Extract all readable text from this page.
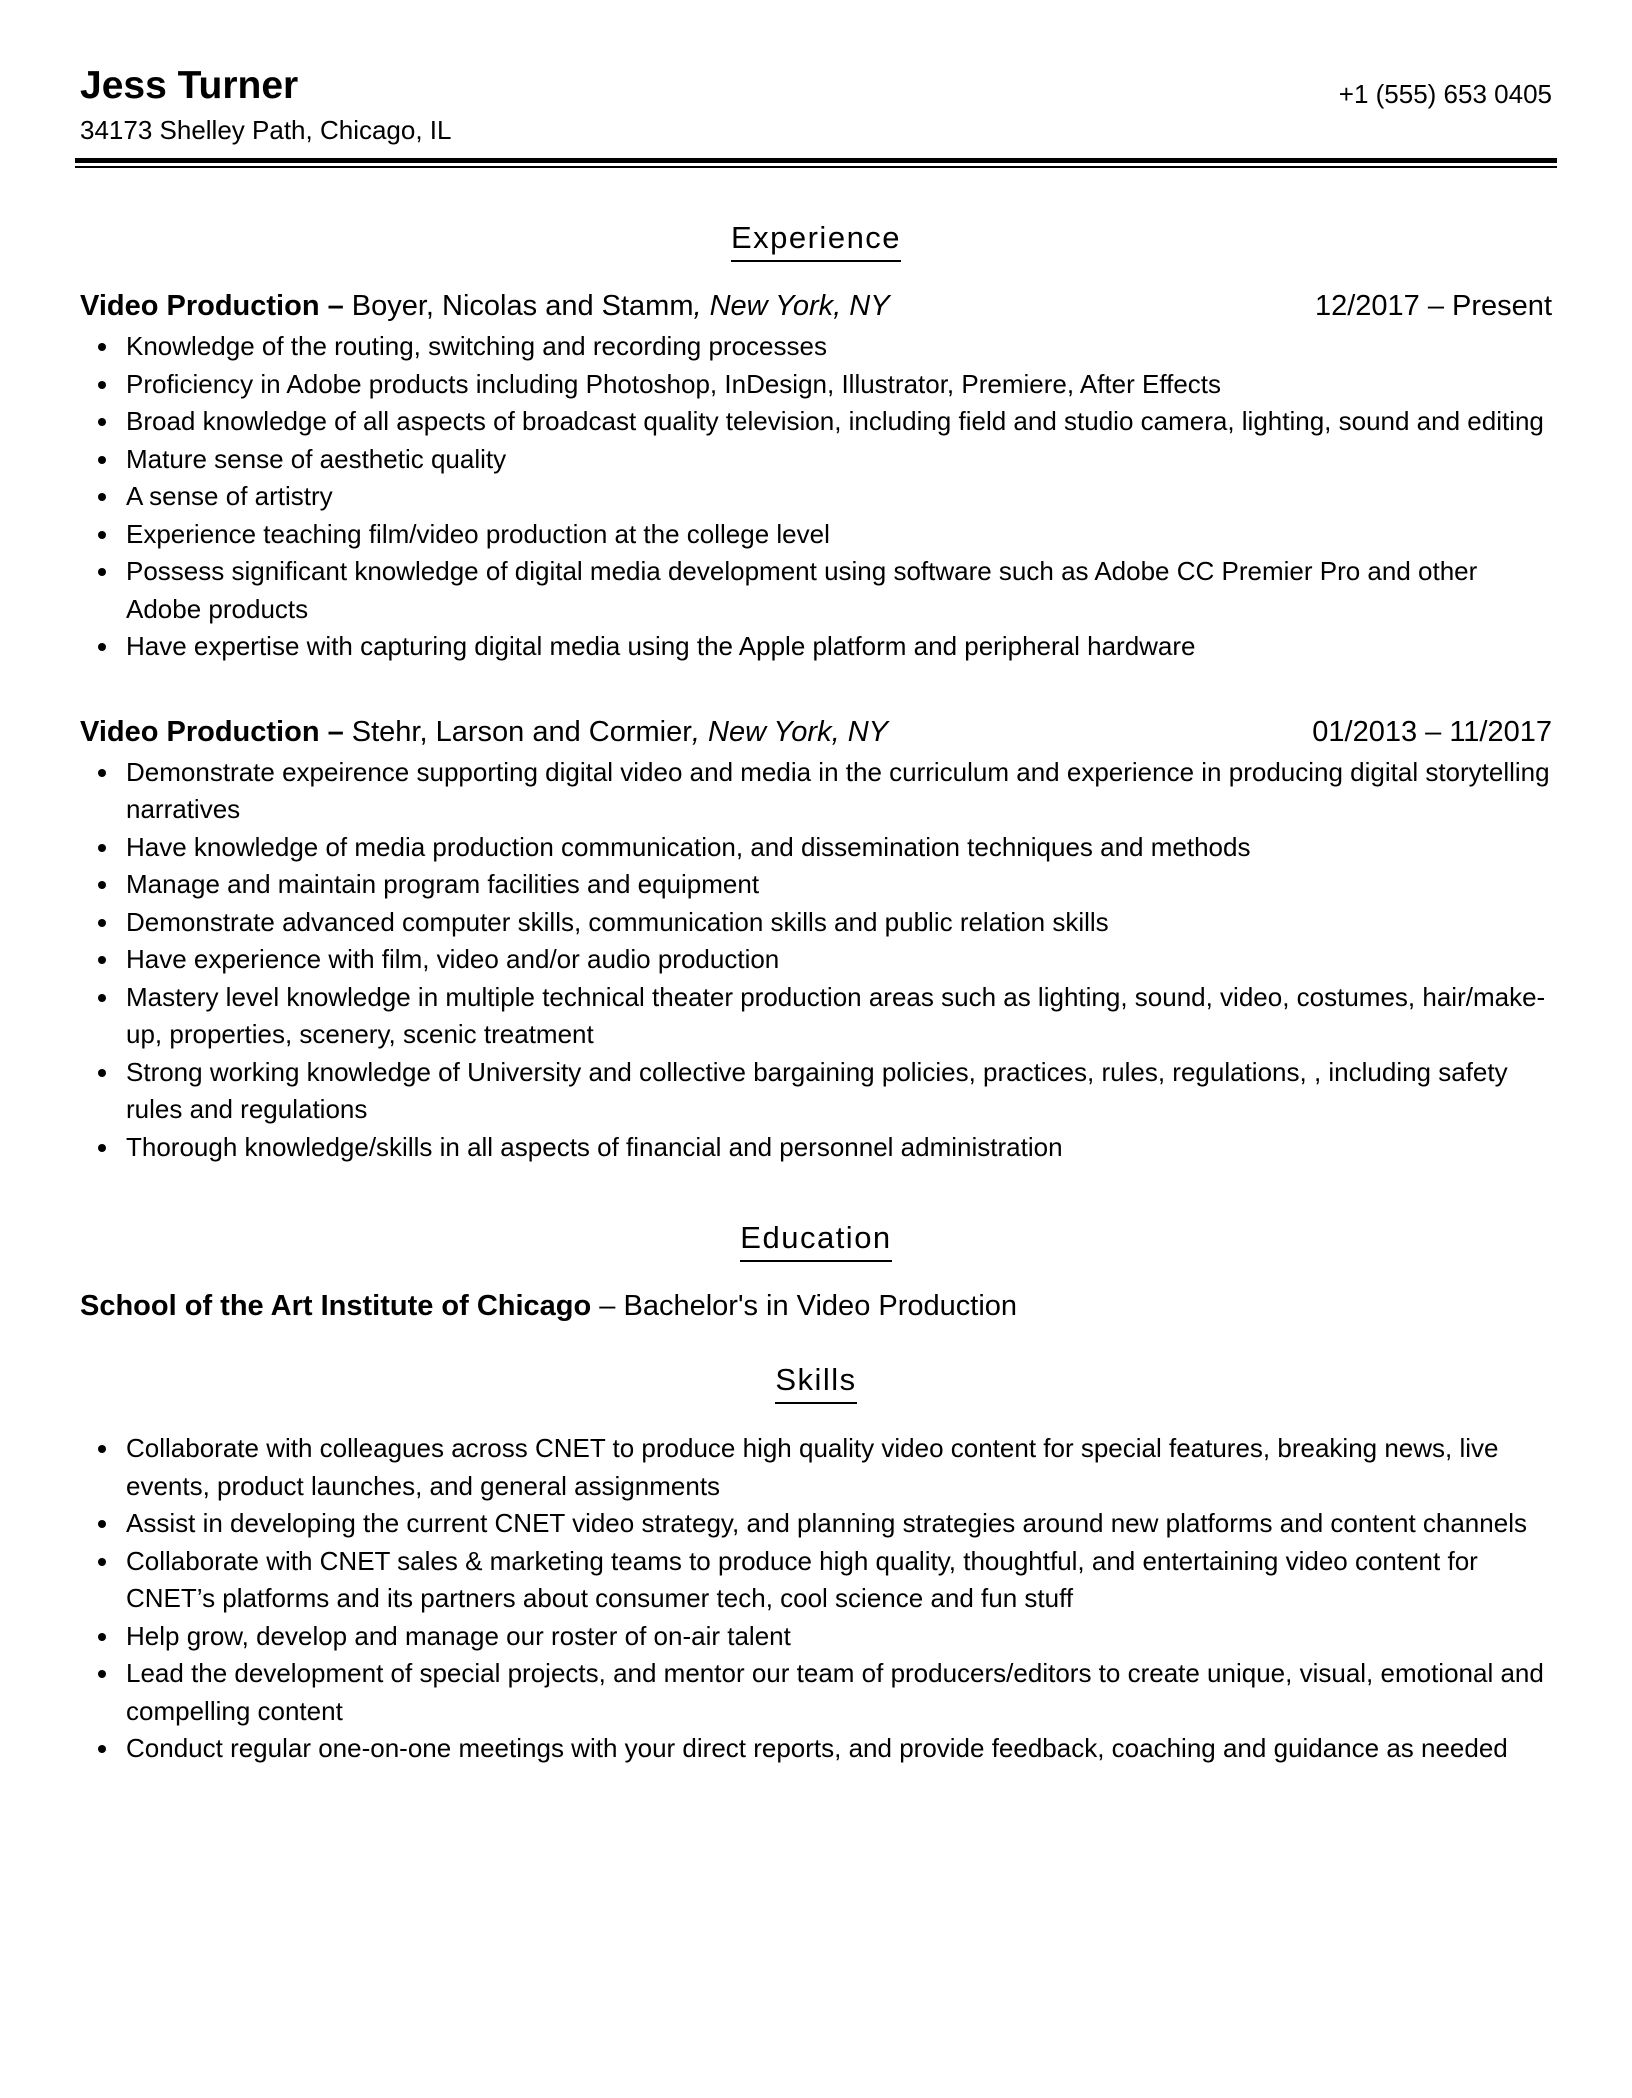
Jess Turner
34173 Shelley Path, Chicago, IL
+1 (555) 653 0405
Experience
Video Production – Boyer, Nicolas and Stamm, New York, NY	12/2017 – Present
Knowledge of the routing, switching and recording processes
Proficiency in Adobe products including Photoshop, InDesign, Illustrator, Premiere, After Effects
Broad knowledge of all aspects of broadcast quality television, including field and studio camera, lighting, sound and editing
Mature sense of aesthetic quality
A sense of artistry
Experience teaching film/video production at the college level
Possess significant knowledge of digital media development using software such as Adobe CC Premier Pro and other Adobe products
Have expertise with capturing digital media using the Apple platform and peripheral hardware
Video Production – Stehr, Larson and Cormier, New York, NY	01/2013 – 11/2017
Demonstrate expeirence supporting digital video and media in the curriculum and experience in producing digital storytelling narratives
Have knowledge of media production communication, and dissemination techniques and methods
Manage and maintain program facilities and equipment
Demonstrate advanced computer skills, communication skills and public relation skills
Have experience with film, video and/or audio production
Mastery level knowledge in multiple technical theater production areas such as lighting, sound, video, costumes, hair/make-up, properties, scenery, scenic treatment
Strong working knowledge of University and collective bargaining policies, practices, rules, regulations, , including safety rules and regulations
Thorough knowledge/skills in all aspects of financial and personnel administration
Education
School of the Art Institute of Chicago – Bachelor's in Video Production
Skills
Collaborate with colleagues across CNET to produce high quality video content for special features, breaking news, live events, product launches, and general assignments
Assist in developing the current CNET video strategy, and planning strategies around new platforms and content channels
Collaborate with CNET sales & marketing teams to produce high quality, thoughtful, and entertaining video content for CNET’s platforms and its partners about consumer tech, cool science and fun stuff
Help grow, develop and manage our roster of on-air talent
Lead the development of special projects, and mentor our team of producers/editors to create unique, visual, emotional and compelling content
Conduct regular one-on-one meetings with your direct reports, and provide feedback, coaching and guidance as needed
